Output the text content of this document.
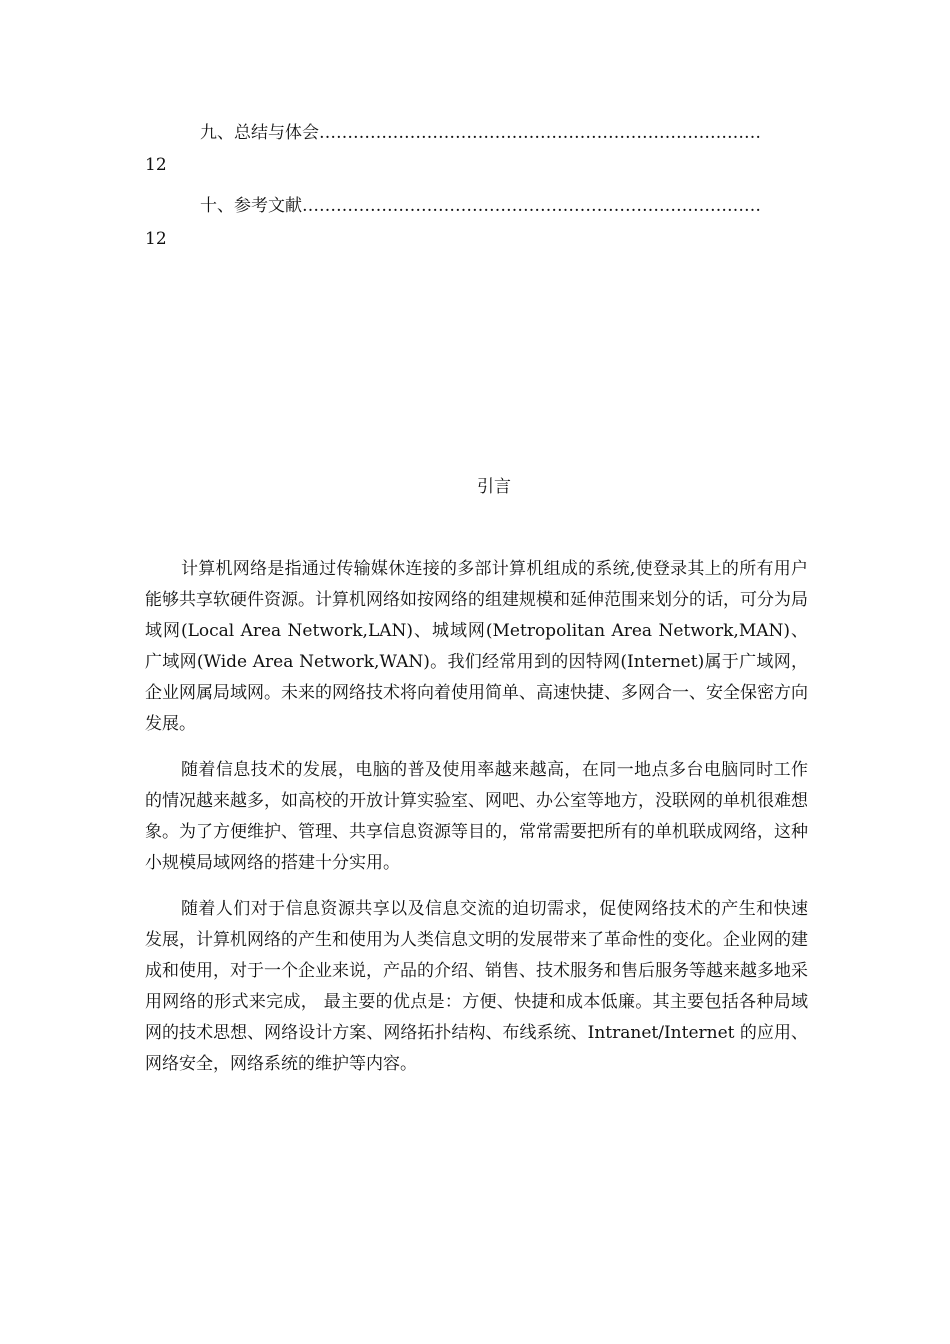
九、总结与体会……………………………………………………………………
12
十、参考文献………………………………………………………………………
12
引言

计算机网络是指通过传输媒休连接的多部计算机组成的系统,使登录其上的所有用户能够共享软硬件资源。计算机网络如按网络的组建规模和延伸范围来划分的话，可分为局域网(Local Area Network,LAN)、城域网(Metropolitan Area Network,MAN)、广域网(Wide Area Network,WAN)。我们经常用到的因特网(Internet)属于广域网，企业网属局域网。未来的网络技术将向着使用简单、高速快捷、多网合一、安全保密方向发展。

随着信息技术的发展，电脑的普及使用率越来越高，在同一地点多台电脑同时工作的情况越来越多，如高校的开放计算实验室、网吧、办公室等地方，没联网的单机很难想象。为了方便维护、管理、共享信息资源等目的，常常需要把所有的单机联成网络，这种小规模局域网络的搭建十分实用。

随着人们对于信息资源共享以及信息交流的迫切需求，促使网络技术的产生和快速发展，计算机网络的产生和使用为人类信息文明的发展带来了革命性的变化。企业网的建成和使用，对于一个企业来说，产品的介绍、销售、技术服务和售后服务等越来越多地采用网络的形式来完成， 最主要的优点是：方便、快捷和成本低廉。其主要包括各种局域网的技术思想、网络设计方案、网络拓扑结构、布线系统、Intranet/Internet 的应用、网络安全，网络系统的维护等内容。
